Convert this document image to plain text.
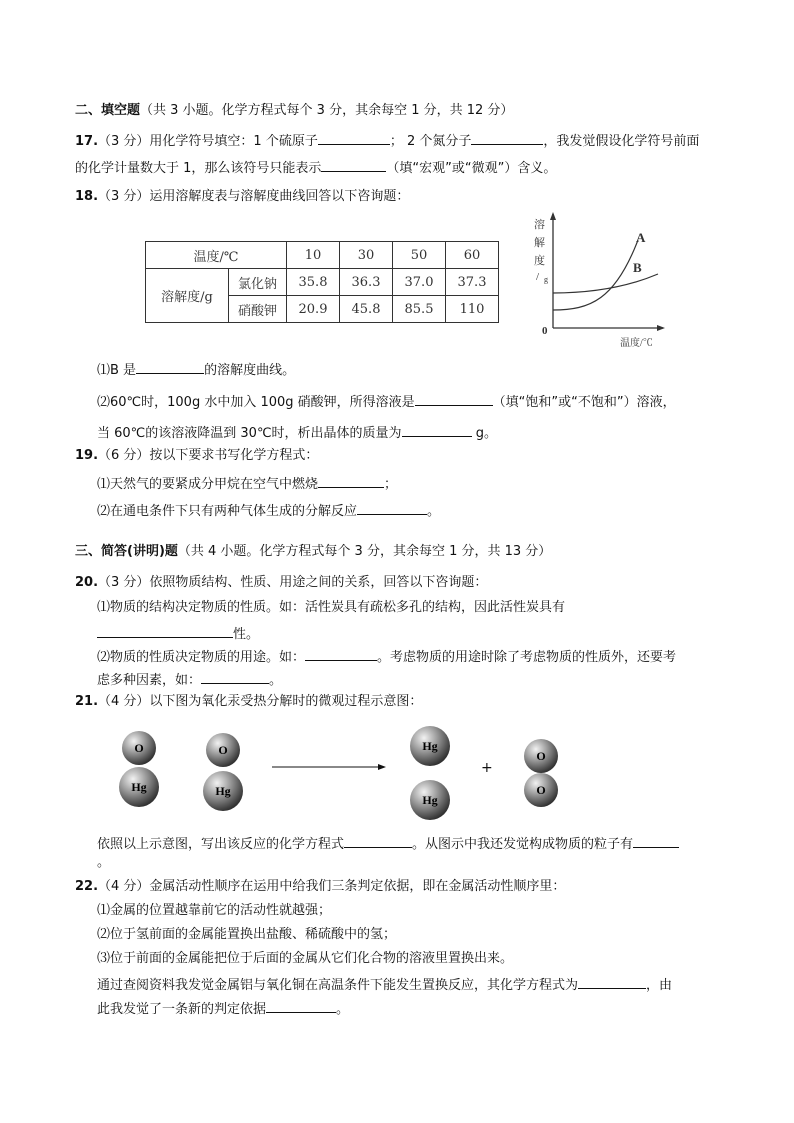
二、填空题（共 3 小题。化学方程式每个 3 分，其余每空 1 分，共 12 分）
17.（3 分）用化学符号填空：1 个硫原子	； 2 个氮分子	，我发觉假设化学符号前面
的化学计量数大于 1，那么该符号只能表示	（填“宏观”或“微观”）含义。
18.（3 分）运用溶解度表与溶解度曲线回答以下咨询题：
⑴B 是	的溶解度曲线。
⑵60℃时，100g 水中加入 100g 硝酸钾，所得溶液是	（填“饱和”或“不饱和”）溶液，
当 60℃的该溶液降温到 30℃时，析出晶体的质量为	g。
19.（6 分）按以下要求书写化学方程式：
⑴天然气的要紧成分甲烷在空气中燃烧	；
⑵在通电条件下只有两种气体生成的分解反应	。
三、简答(讲明)题（共 4 小题。化学方程式每个 3 分，其余每空 1 分，共 13 分）
20.（3 分）依照物质结构、性质、用途之间的关系，回答以下咨询题：
⑴物质的结构决定物质的性质。如：活性炭具有疏松多孔的结构，因此活性炭具有
性。
⑵物质的性质决定物质的用途。如：	。考虑物质的用途时除了考虑物质的性质外，还要考
虑多种因素，如：	。
21.（4 分）以下图为氧化汞受热分解时的微观过程示意图：
依照以上示意图，写出该反应的化学方程式	。从图示中我还发觉构成物质的粒子有
。
22.（4 分）金属活动性顺序在运用中给我们三条判定依据，即在金属活动性顺序里：
⑴金属的位置越靠前它的活动性就越强；
⑵位于氢前面的金属能置换出盐酸、稀硫酸中的氢；
⑶位于前面的金属能把位于后面的金属从它们化合物的溶液里置换出来。
通过查阅资料我发觉金属铝与氧化铜在高温条件下能发生置换反应，其化学方程式为	，由
此我发觉了一条新的判定依据	。
温度/℃		10	30	50	60
溶解度/g	氯化钠	35.8	36.3	37.0	37.3
	硝酸钾	20.9	45.8	85.5	110
溶
解
度
/ g
0
温度/℃
A
B
O
Hg
O
Hg
Hg
Hg
+
O
O
